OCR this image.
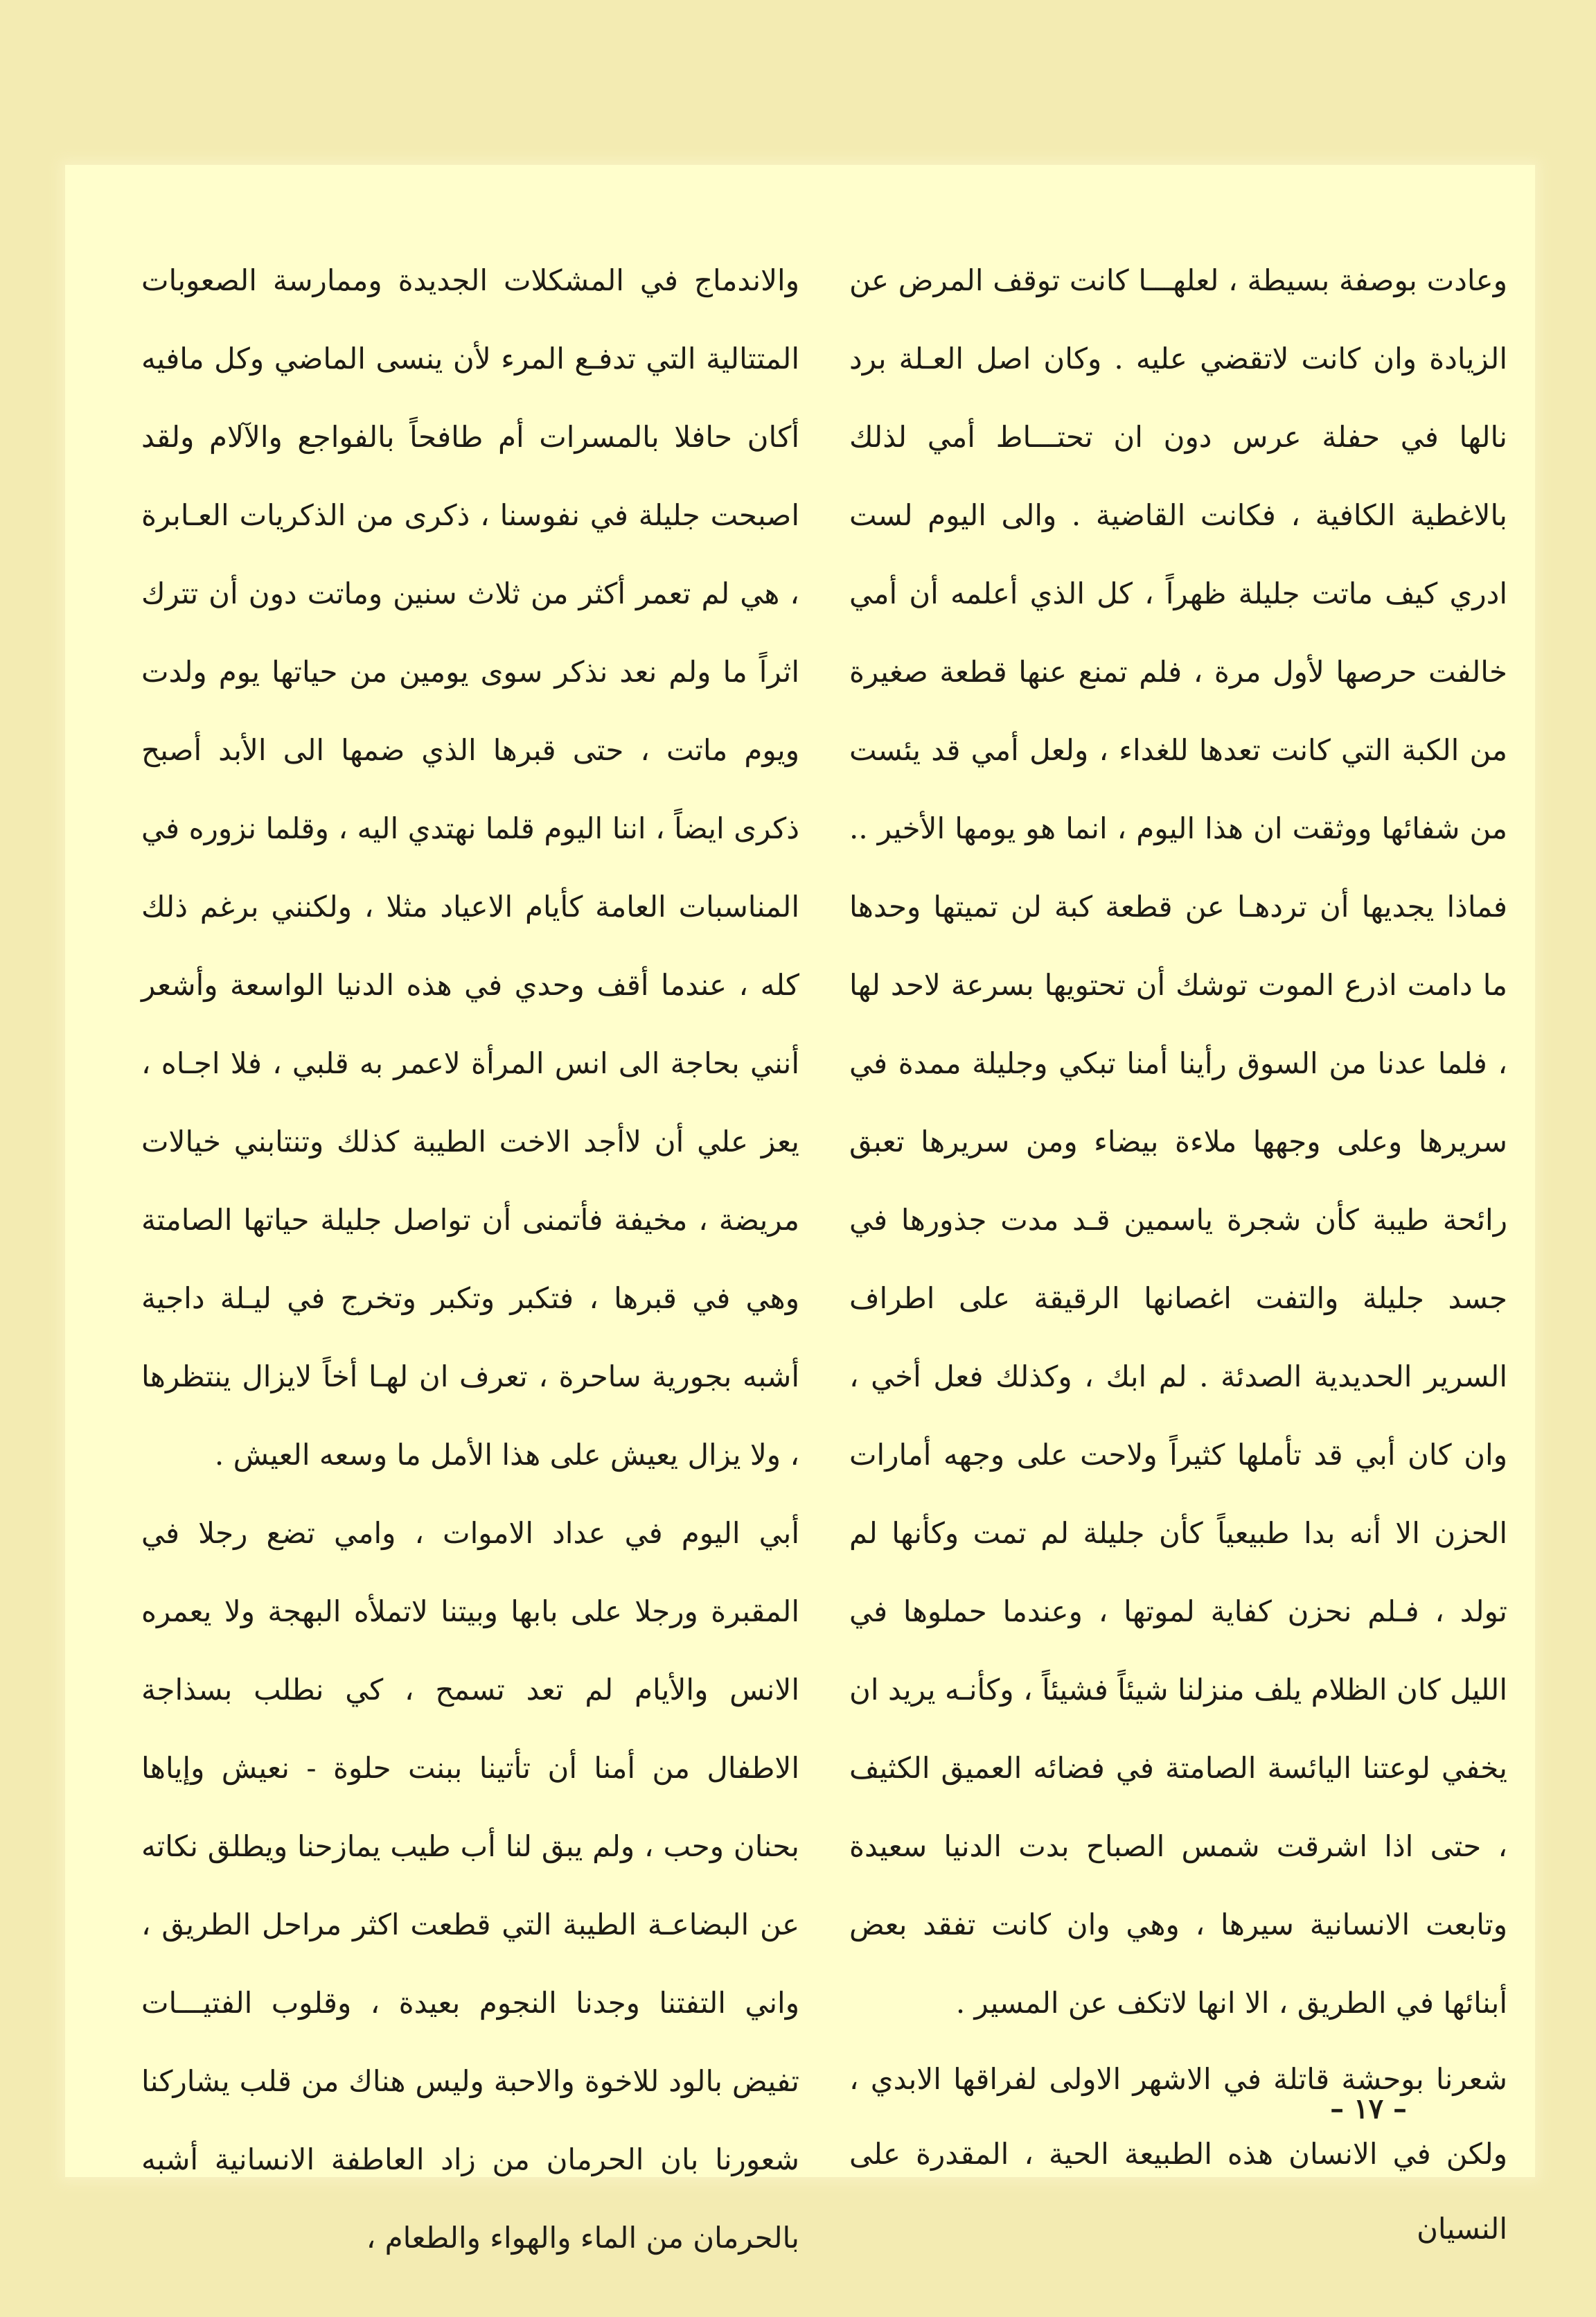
وعادت بوصفة بسيطة ، لعلهـــا كانت توقف المرض عن الزيادة وان كانت لاتقضي عليه . وكان اصل العـلة برد نالها في حفلة عرس دون ان تحتـــاط أمي لذلك بالاغطية الكافية ، فكانت القاضية . والى اليوم لست ادري كيف ماتت جليلة ظهراً ، كل الذي أعلمه أن أمي خالفت حرصها لأول مرة ، فلم تمنع عنها قطعة صغيرة من الكبة التي كانت تعدها للغداء ، ولعل أمي قد يئست من شفائها ووثقت ان هذا اليوم ، انما هو يومها الأخير .. فماذا يجديها أن تردهـا عن قطعة كبة لن تميتها وحدها ما دامت اذرع الموت توشك أن تحتويها بسرعة لاحد لها ، فلما عدنا من السوق رأينا أمنا تبكي وجليلة ممدة في سريرها وعلى وجهها ملاءة بيضاء ومن سريرها تعبق رائحة طيبة كأن شجرة ياسمين قـد مدت جذورها في جسد جليلة والتفت اغصانها الرقيقة على اطراف السرير الحديدية الصدئة . لم ابك ، وكذلك فعل أخي ، وان كان أبي قد تأملها كثيراً ولاحت على وجهه أمارات الحزن الا أنه بدا طبيعياً كأن جليلة لم تمت وكأنها لم تولد ، فـلم نحزن كفاية لموتها ، وعندما حملوها في الليل كان الظلام يلف منزلنا شيئاً فشيئاً ، وكأنـه يريد ان يخفي لوعتنا اليائسة الصامتة في فضائه العميق الكثيف ، حتى اذا اشرقت شمس الصباح بدت الدنيا سعيدة وتابعت الانسانية سيرها ، وهي وان كانت تفقد بعض أبنائها في الطريق ، الا انها لاتكف عن المسير .

شعرنا بوحشة قاتلة في الاشهر الاولى لفراقها الابدي ، ولكن في الانسان هذه الطبيعة الحية ، المقدرة على النسيان

والاندماج في المشكلات الجديدة وممارسة الصعوبات المتتالية التي تدفـع المرء لأن ينسى الماضي وكل مافيه أكان حافلا بالمسرات أم طافحاً بالفواجع والآلام ولقد اصبحت جليلة في نفوسنا ، ذكرى من الذكريات العـابرة ، هي لم تعمر أكثر من ثلاث سنين وماتت دون أن تترك اثراً ما ولم نعد نذكر سوى يومين من حياتها يوم ولدت ويوم ماتت ، حتى قبرها الذي ضمها الى الأبد أصبح ذكرى ايضاً ، اننا اليوم قلما نهتدي اليه ، وقلما نزوره في المناسبات العامة كأيام الاعياد مثلا ، ولكنني برغم ذلك كله ، عندما أقف وحدي في هذه الدنيا الواسعة وأشعر أنني بحاجة الى انس المرأة لاعمر به قلبي ، فلا اجـاه ، يعز علي أن لاأجد الاخت الطيبة كذلك وتنتابني خيالات مريضة ، مخيفة فأتمنى أن تواصل جليلة حياتها الصامتة وهي في قبرها ، فتكبر وتكبر وتخرج في ليـلة داجية أشبه بجورية ساحرة ، تعرف ان لهـا أخاً لايزال ينتظرها ، ولا يزال يعيش على هذا الأمل ما وسعه العيش .

أبي اليوم في عداد الاموات ، وامي تضع رجلا في المقبرة ورجلا على بابها وبيتنا لاتملأه البهجة ولا يعمره الانس والأيام لم تعد تسمح ، كي نطلب بسذاجة الاطفال من أمنا أن تأتينا ببنت حلوة - نعيش وإياها بحنان وحب ، ولم يبق لنا أب طيب يمازحنا ويطلق نكاته عن البضاعـة الطيبة التي قطعت اكثر مراحل الطريق ، واني التفتنا وجدنا النجوم بعيدة ، وقلوب الفتيـــات تفيض بالود للاخوة والاحبة وليس هناك من قلب يشاركنا شعورنا بان الحرمان من زاد العاطفة الانسانية أشبه بالحرمان من الماء والهواء والطعام ،

– ١٧ –
